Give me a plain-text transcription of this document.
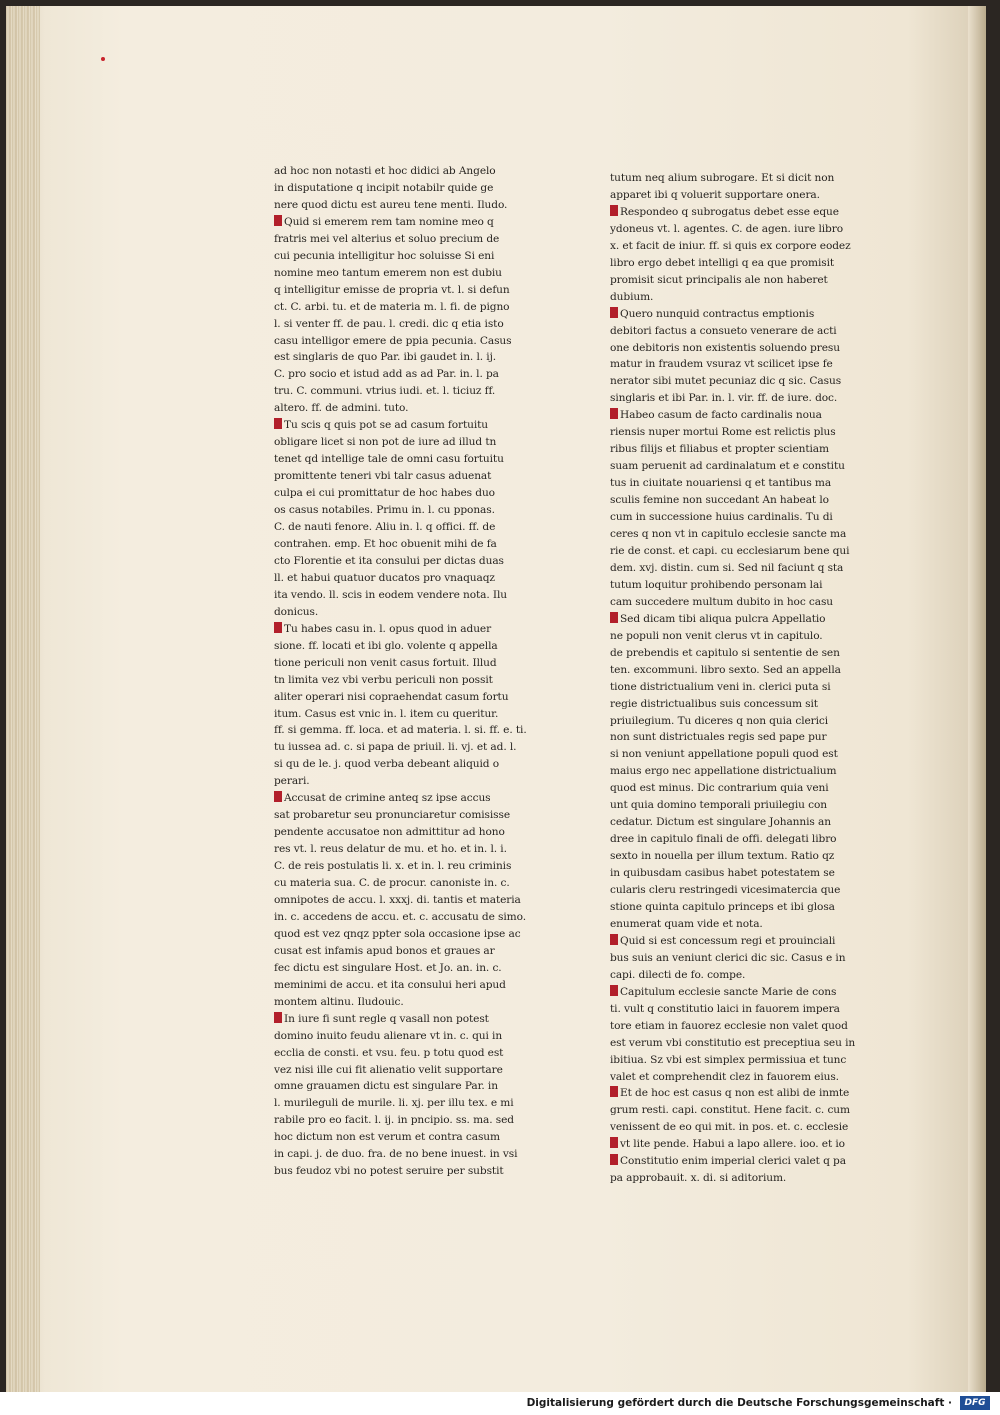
ad hoc non notasti et hoc didici ab Angelo
in disputatione q incipit notabilr quide ge
nere quod dictu est aureu tene menti. Iludo.
Quid si emerem rem tam nomine meo q
fratris mei vel alterius et soluo precium de
cui pecunia intelligitur hoc soluisse Si eni
nomine meo tantum emerem non est dubiu
q intelligitur emisse de propria vt. l. si defun
ct. C. arbi. tu. et de materia m. l. fi. de pigno
l. si venter ff. de pau. l. credi. dic q etia isto
casu intelligor emere de ppia pecunia. Casus
est singlaris de quo Par. ibi gaudet in. l. ij.
C. pro socio et istud add as ad Par. in. l. pa
tru. C. communi. vtrius iudi. et. l. ticiuz ff.
altero. ff. de admini. tuto.
Tu scis q quis pot se ad casum fortuitu
obligare licet si non pot de iure ad illud tn
tenet qd intellige tale de omni casu fortuitu
promittente teneri vbi talr casus aduenat
culpa ei cui promittatur de hoc habes duo
os casus notabiles. Primu in. l. cu pponas.
C. de nauti fenore. Aliu in. l. q offici. ff. de
contrahen. emp. Et hoc obuenit mihi de fa
cto Florentie et ita consului per dictas duas
ll. et habui quatuor ducatos pro vnaquaqz
ita vendo. ll. scis in eodem vendere nota. Ilu
donicus.
Tu habes casu in. l. opus quod in aduer
sione. ff. locati et ibi glo. volente q appella
tione periculi non venit casus fortuit. Illud
tn limita vez vbi verbu periculi non possit
aliter operari nisi copraehendat casum fortu
itum. Casus est vnic in. l. item cu queritur.
ff. si gemma. ff. loca. et ad materia. l. si. ff. e. ti.
tu iussea ad. c. si papa de priuil. li. vj. et ad. l.
si qu de le. j. quod verba debeant aliquid o
perari.
Accusat de crimine anteq sz ipse accus
sat probaretur seu pronunciaretur comisisse
pendente accusatoe non admittitur ad hono
res vt. l. reus delatur de mu. et ho. et in. l. i.
C. de reis postulatis li. x. et in. l. reu criminis
cu materia sua. C. de procur. canoniste in. c.
omnipotes de accu. l. xxxj. di. tantis et materia
in. c. accedens de accu. et. c. accusatu de simo.
quod est vez qnqz ppter sola occasione ipse ac
cusat est infamis apud bonos et graues ar
fec dictu est singulare Host. et Jo. an. in. c.
meminimi de accu. et ita consului heri apud
montem altinu. Iludouic.
In iure fi sunt regle q vasall non potest
domino inuito feudu alienare vt in. c. qui in
ecclia de consti. et vsu. feu. p totu quod est
vez nisi ille cui fit alienatio velit supportare
omne grauamen dictu est singulare Par. in
l. murileguli de murile. li. xj. per illu tex. e mi
rabile pro eo facit. l. ij. in pncipio. ss. ma. sed
hoc dictum non est verum et contra casum
in capi. j. de duo. fra. de no bene inuest. in vsi
bus feudoz vbi no potest seruire per substit
tutum neq alium subrogare. Et si dicit non
apparet ibi q voluerit supportare onera.
Respondeo q subrogatus debet esse eque
ydoneus vt. l. agentes. C. de agen. iure libro
x. et facit de iniur. ff. si quis ex corpore eodez
libro ergo debet intelligi q ea que promisit
promisit sicut principalis ale non haberet
dubium.
Quero nunquid contractus emptionis
debitori factus a consueto venerare de acti
one debitoris non existentis soluendo presu
matur in fraudem vsuraz vt scilicet ipse fe
nerator sibi mutet pecuniaz dic q sic. Casus
singlaris et ibi Par. in. l. vir. ff. de iure. doc.
Habeo casum de facto cardinalis noua
riensis nuper mortui Rome est relictis plus
ribus filijs et filiabus et propter scientiam
suam peruenit ad cardinalatum et e constitu
tus in ciuitate nouariensi q et tantibus ma
sculis femine non succedant An habeat lo
cum in successione huius cardinalis. Tu di
ceres q non vt in capitulo ecclesie sancte ma
rie de const. et capi. cu ecclesiarum bene qui
dem. xvj. distin. cum si. Sed nil faciunt q sta
tutum loquitur prohibendo personam lai
cam succedere multum dubito in hoc casu
Sed dicam tibi aliqua pulcra Appellatio
ne populi non venit clerus vt in capitulo.
de prebendis et capitulo si sententie de sen
ten. excommuni. libro sexto. Sed an appella
tione districtualium veni in. clerici puta si
regie districtualibus suis concessum sit
priuilegium. Tu diceres q non quia clerici
non sunt districtuales regis sed pape pur
si non veniunt appellatione populi quod est
maius ergo nec appellatione districtualium
quod est minus. Dic contrarium quia veni
unt quia domino temporali priuilegiu con
cedatur. Dictum est singulare Johannis an
dree in capitulo finali de offi. delegati libro
sexto in nouella per illum textum. Ratio qz
in quibusdam casibus habet potestatem se
cularis cleru restringedi vicesimatercia que
stione quinta capitulo princeps et ibi glosa
enumerat quam vide et nota.
Quid si est concessum regi et prouinciali
bus suis an veniunt clerici dic sic. Casus e in
capi. dilecti de fo. compe.
Capitulum ecclesie sancte Marie de cons
ti. vult q constitutio laici in fauorem impera
tore etiam in fauorez ecclesie non valet quod
est verum vbi constitutio est preceptiua seu in
ibitiua. Sz vbi est simplex permissiua et tunc
valet et comprehendit clez in fauorem eius.
Et de hoc est casus q non est alibi de inmte
grum resti. capi. constitut. Hene facit. c. cum
venissent de eo qui mit. in pos. et. c. ecclesie
vt lite pende. Habui a lapo allere. ioo. et io
Constitutio enim imperial clerici valet q pa
pa approbauit. x. di. si aditorium.
Digitalisierung gefördert durch die Deutsche Forschungsgemeinschaft ·	DFG
